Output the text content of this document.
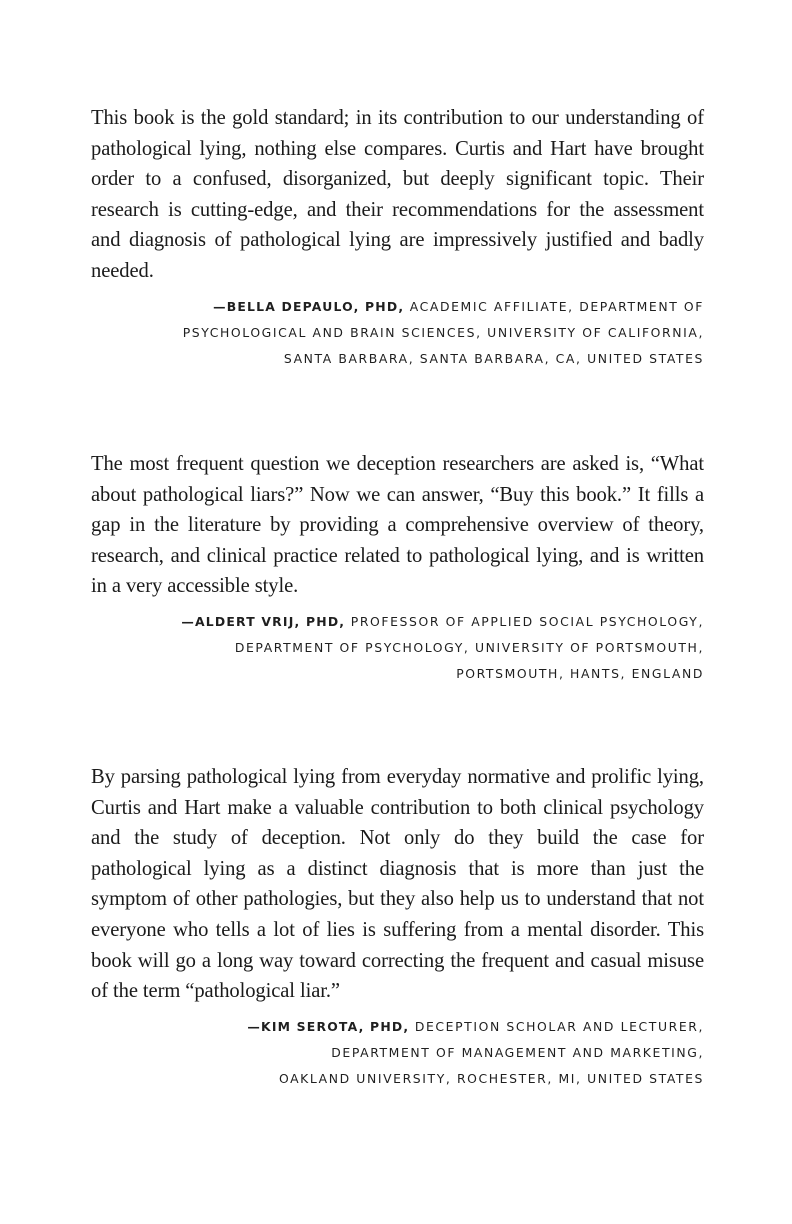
This book is the gold standard; in its contribution to our understanding of pathological lying, nothing else compares. Curtis and Hart have brought order to a confused, disorganized, but deeply significant topic. Their research is cutting-edge, and their recommendations for the assessment and diagnosis of pathological lying are impressively justified and badly needed.

—BELLA DEPAULO, PHD, ACADEMIC AFFILIATE, DEPARTMENT OF
PSYCHOLOGICAL AND BRAIN SCIENCES, UNIVERSITY OF CALIFORNIA,
SANTA BARBARA, SANTA BARBARA, CA, UNITED STATES

The most frequent question we deception researchers are asked is, “What about pathological liars?” Now we can answer, “Buy this book.” It fills a gap in the literature by providing a comprehensive overview of theory, research, and clinical practice related to pathological lying, and is written in a very accessible style.

—ALDERT VRIJ, PHD, PROFESSOR OF APPLIED SOCIAL PSYCHOLOGY,
DEPARTMENT OF PSYCHOLOGY, UNIVERSITY OF PORTSMOUTH,
PORTSMOUTH, HANTS, ENGLAND

By parsing pathological lying from everyday normative and prolific lying, Curtis and Hart make a valuable contribution to both clinical psychology and the study of deception. Not only do they build the case for pathological lying as a distinct diagnosis that is more than just the symptom of other pathologies, but they also help us to understand that not everyone who tells a lot of lies is suffering from a mental disorder. This book will go a long way toward correcting the frequent and casual misuse of the term “pathological liar.”

—KIM SEROTA, PHD, DECEPTION SCHOLAR AND LECTURER,
DEPARTMENT OF MANAGEMENT AND MARKETING,
OAKLAND UNIVERSITY, ROCHESTER, MI, UNITED STATES
